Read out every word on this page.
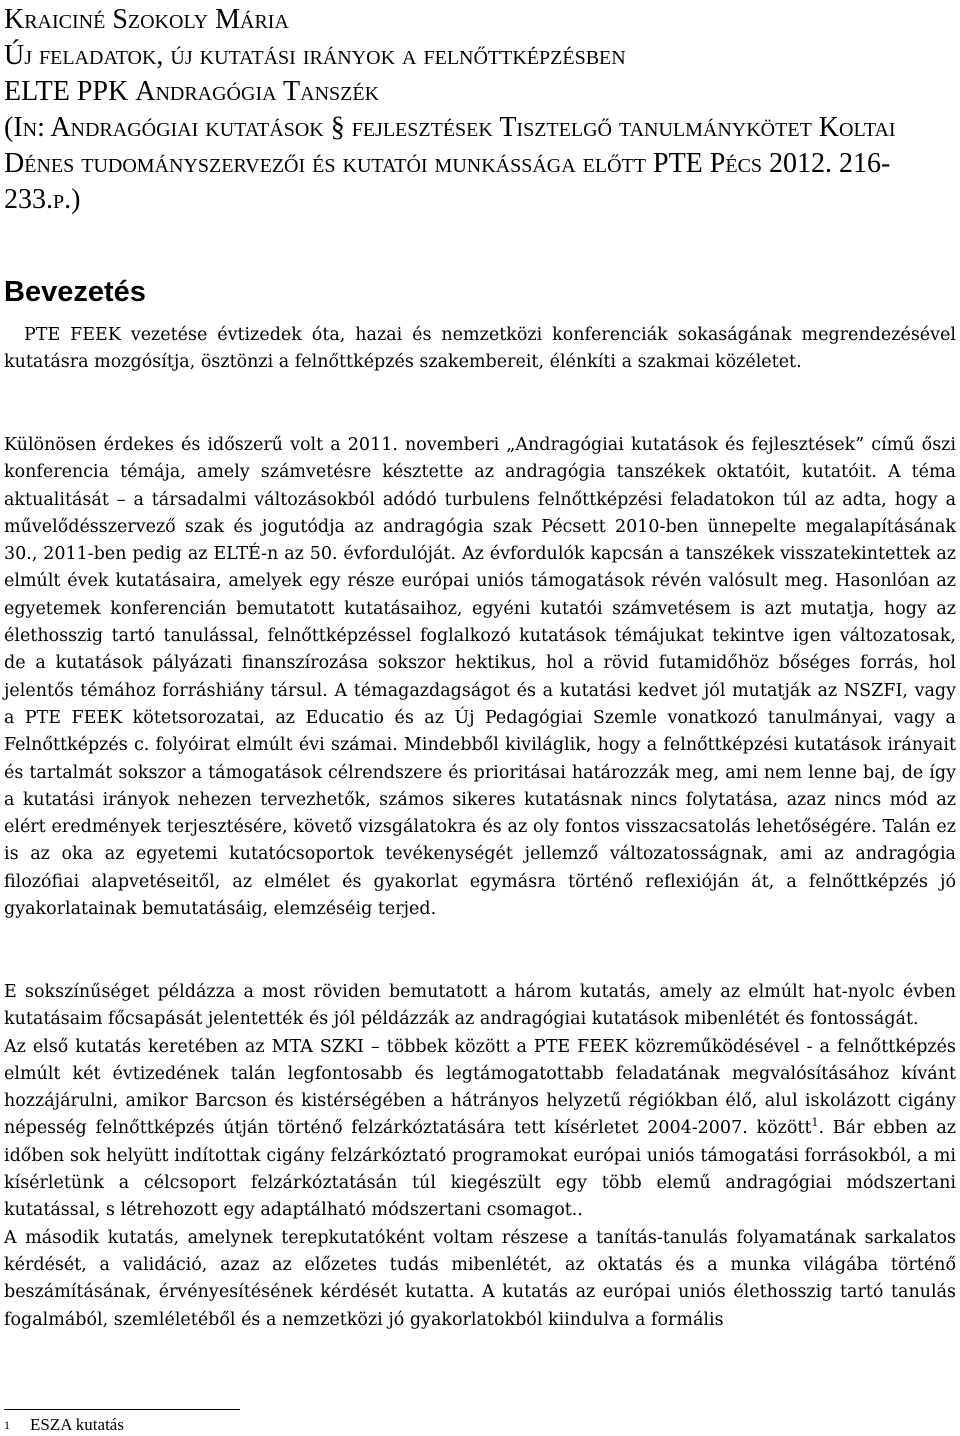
Kraiciné Szokoly Mária
Új feladatok, új kutatási irányok a felnőttképzésben
ELTE PPK Andragógia Tanszék
(In: Andragógiai kutatások § fejlesztések Tisztelgő tanulmánykötet Koltai Dénes tudományszervezői és kutatói munkássága előtt PTE Pécs 2012. 216-233.p.)
Bevezetés

PTE FEEK vezetése évtizedek óta, hazai és nemzetközi konferenciák sokaságának megrendezésével kutatásra mozgósítja, ösztönzi a felnőttképzés szakembereit, élénkíti a szakmai közéletet.

Különösen érdekes és időszerű volt a 2011. novemberi „Andragógiai kutatások és fejlesztések” című őszi konferencia témája, amely számvetésre késztette az andragógia tanszékek oktatóit, kutatóit. A téma aktualitását – a társadalmi változásokból adódó turbulens felnőttképzési feladatokon túl az adta, hogy a művelődésszervező szak és jogutódja az andragógia szak Pécsett 2010-ben ünnepelte megalapításának 30., 2011-ben pedig az ELTÉ-n az 50. évfordulóját. Az évfordulók kapcsán a tanszékek visszatekintettek az elmúlt évek kutatásaira, amelyek egy része európai uniós támogatások révén valósult meg. Hasonlóan az egyetemek konferencián bemutatott kutatásaihoz, egyéni kutatói számvetésem is azt mutatja, hogy az élethosszig tartó tanulással, felnőttképzéssel foglalkozó kutatások témájukat tekintve igen változatosak, de a kutatások pályázati finanszírozása sokszor hektikus, hol a rövid futamidőhöz bőséges forrás, hol jelentős témához forráshiány társul. A témagazdagságot és a kutatási kedvet jól mutatják az NSZFI, vagy a PTE FEEK kötetsorozatai, az Educatio és az Új Pedagógiai Szemle vonatkozó tanulmányai, vagy a Felnőttképzés c. folyóirat elmúlt évi számai. Mindebből kiviláglik, hogy a felnőttképzési kutatások irányait és tartalmát sokszor a támogatások célrendszere és prioritásai határozzák meg, ami nem lenne baj, de így a kutatási irányok nehezen tervezhetők, számos sikeres kutatásnak nincs folytatása, azaz nincs mód az elért eredmények terjesztésére, követő vizsgálatokra és az oly fontos visszacsatolás lehetőségére. Talán ez is az oka az egyetemi kutatócsoportok tevékenységét jellemző változatosságnak, ami az andragógia filozófiai alapvetéseitől, az elmélet és gyakorlat egymásra történő reflexióján át, a felnőttképzés jó gyakorlatainak bemutatásáig, elemzéséig terjed.

E sokszínűséget példázza a most röviden bemutatott a három kutatás, amely az elmúlt hat-nyolc évben kutatásaim főcsapását jelentették és jól példázzák az andragógiai kutatások mibenlétét és fontosságát.

Az első kutatás keretében az MTA SZKI – többek között a PTE FEEK közreműködésével - a felnőttképzés elmúlt két évtizedének talán legfontosabb és legtámogatottabb feladatának megvalósításához kívánt hozzájárulni, amikor Barcson és kistérségében a hátrányos helyzetű régiókban élő, alul iskolázott cigány népesség felnőttképzés útján történő felzárkóztatására tett kísérletet 2004-2007. között$^1$. Bár ebben az időben sok helyütt indítottak cigány felzárkóztató programokat európai uniós támogatási forrásokból, a mi kísérletünk a célcsoport felzárkóztatásán túl kiegészült egy több elemű andragógiai módszertani kutatással, s létrehozott egy adaptálható módszertani csomagot..

A második kutatás, amelynek terepkutatóként voltam részese a tanítás-tanulás folyamatának sarkalatos kérdését, a validáció, azaz az előzetes tudás mibenlétét, az oktatás és a munka világába történő beszámításának, érvényesítésének kérdését kutatta. A kutatás az európai uniós élethosszig tartó tanulás fogalmából, szemléletéből és a nemzetközi jó gyakorlatokból kiindulva a formális

1 ESZA kutatás
